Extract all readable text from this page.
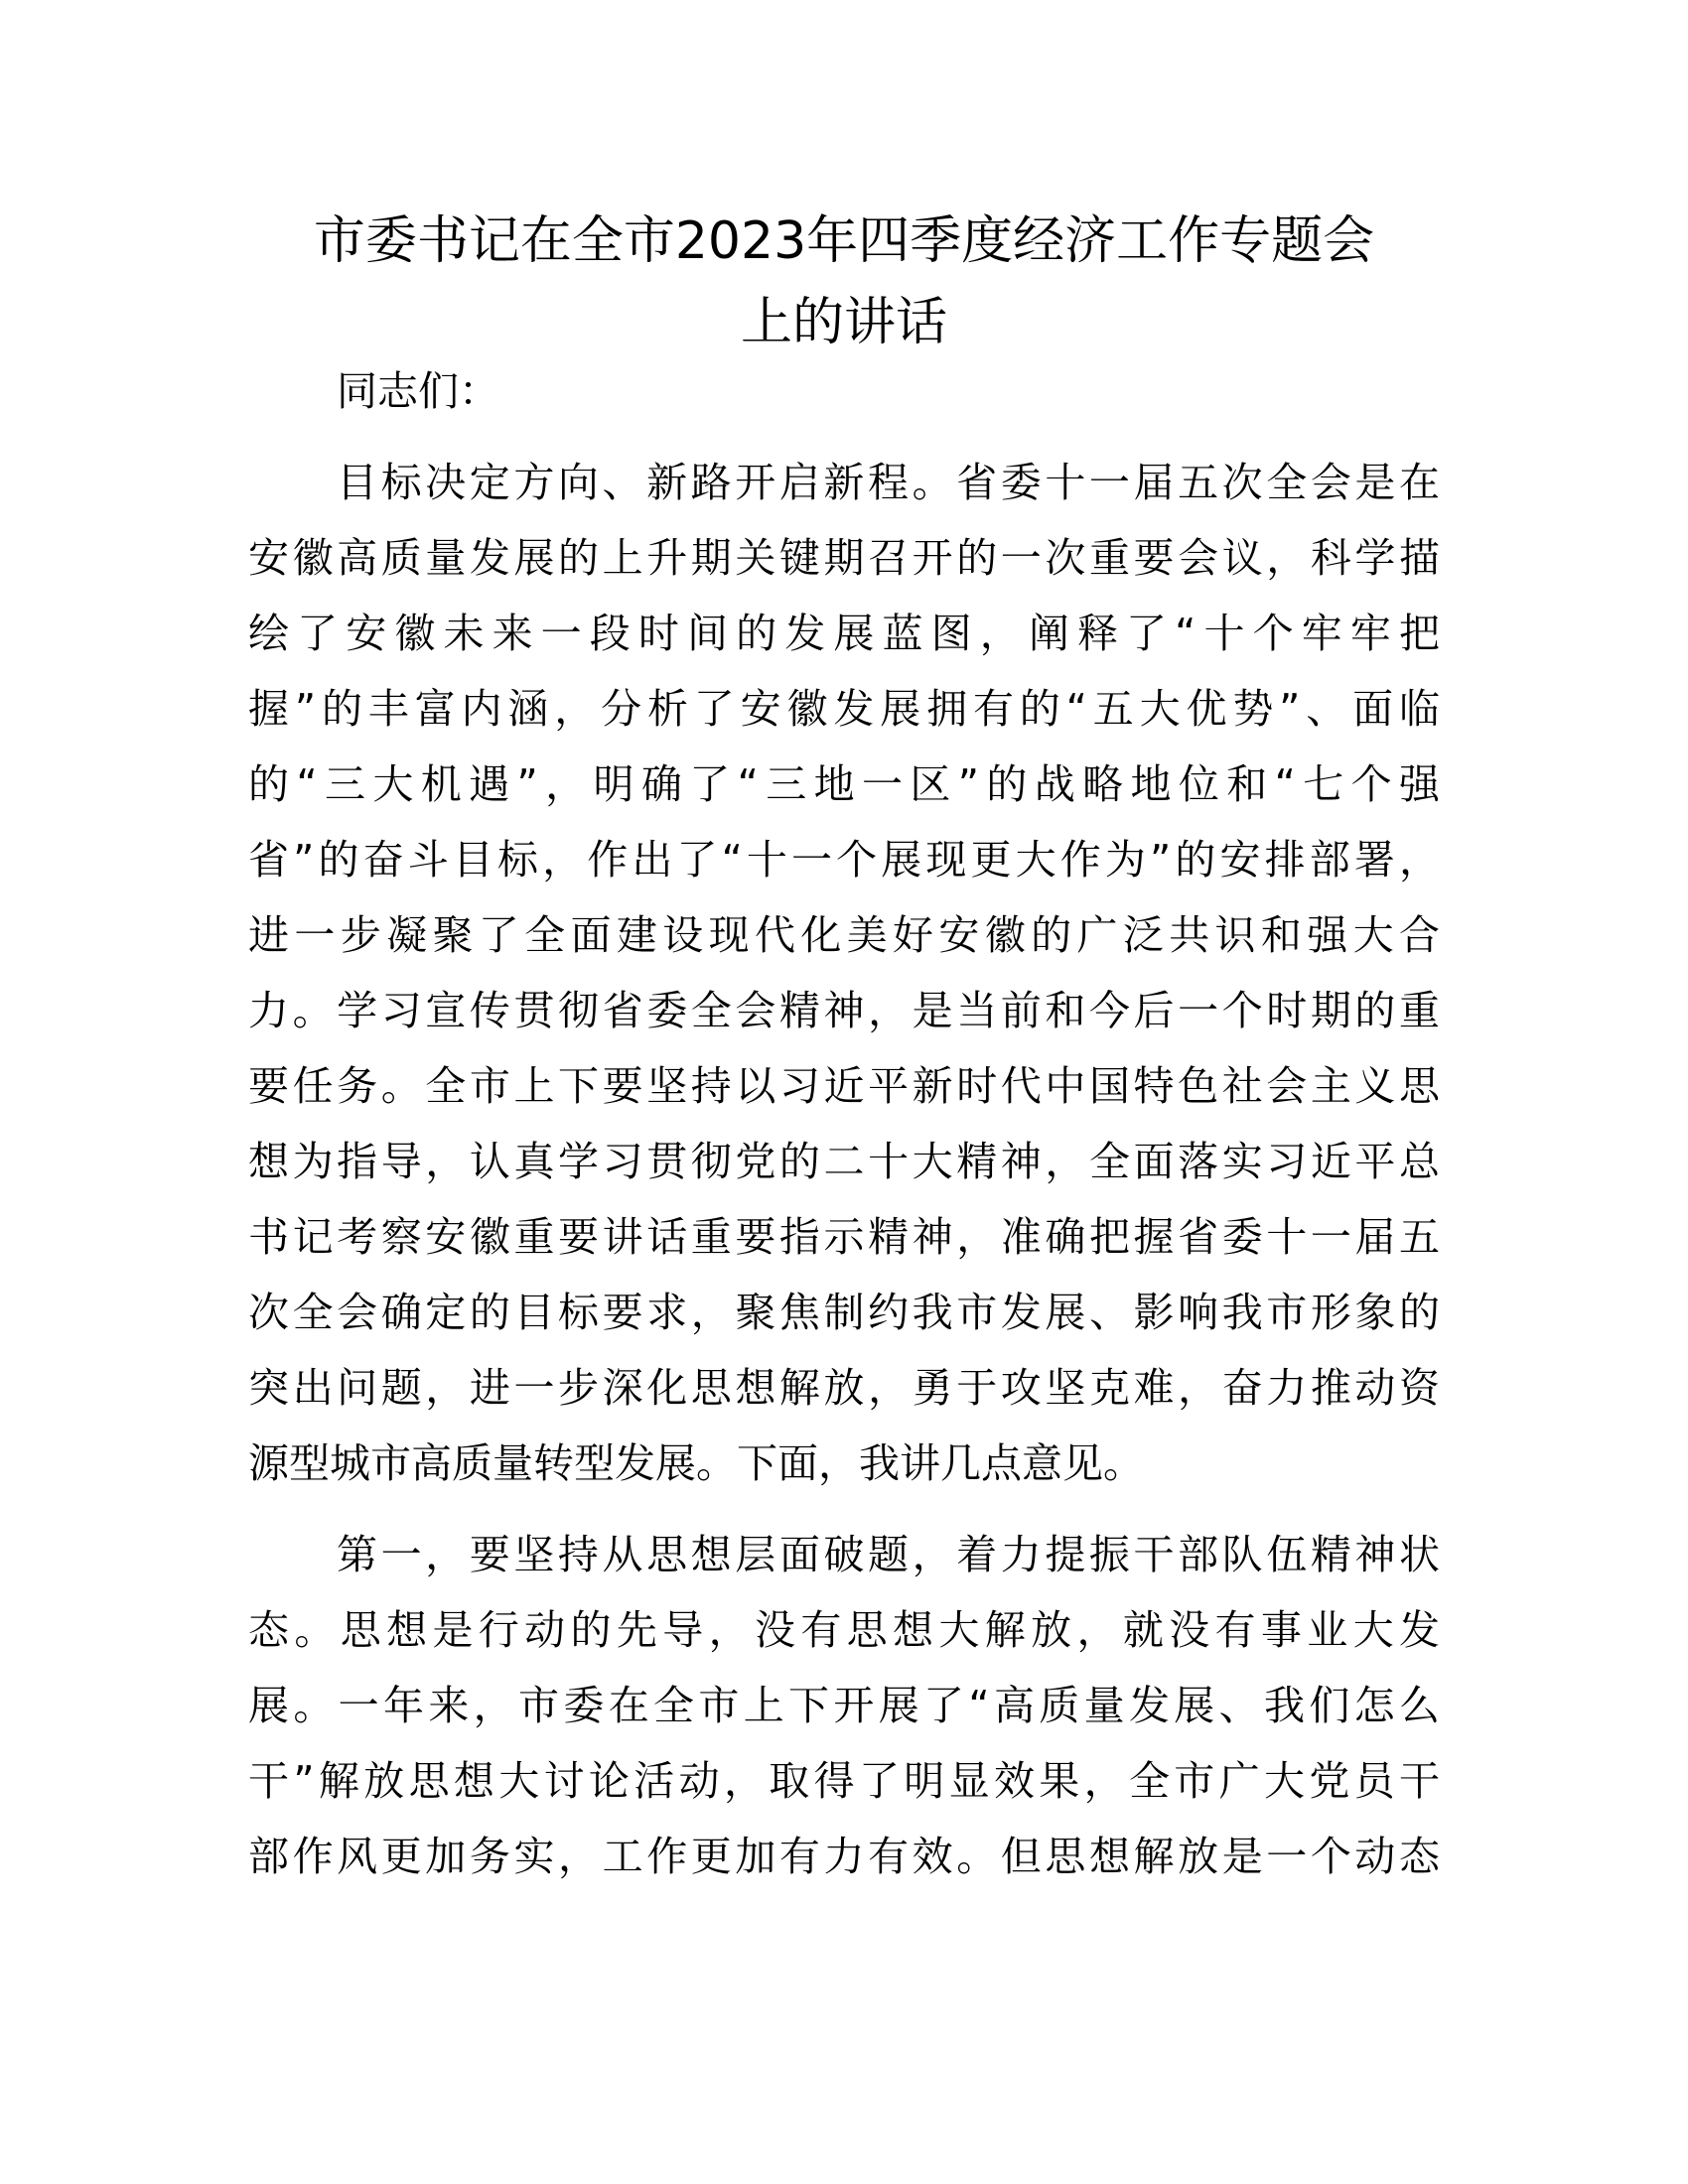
市委书记在全市2023年四季度经济工作专题会
上的讲话
同志们：
目标决定方向、新路开启新程。省委十一届五次全会是在
安徽高质量发展的上升期关键期召开的一次重要会议，科学描
绘了安徽未来一段时间的发展蓝图，阐释了“十个牢牢把
握”的丰富内涵，分析了安徽发展拥有的“五大优势”、面临
的“三大机遇”，明确了“三地一区”的战略地位和“七个强
省”的奋斗目标，作出了“十一个展现更大作为”的安排部署，
进一步凝聚了全面建设现代化美好安徽的广泛共识和强大合
力。学习宣传贯彻省委全会精神，是当前和今后一个时期的重
要任务。全市上下要坚持以习近平新时代中国特色社会主义思
想为指导，认真学习贯彻党的二十大精神，全面落实习近平总
书记考察安徽重要讲话重要指示精神，准确把握省委十一届五
次全会确定的目标要求，聚焦制约我市发展、影响我市形象的
突出问题，进一步深化思想解放，勇于攻坚克难，奋力推动资
源型城市高质量转型发展。下面，我讲几点意见。
第一，要坚持从思想层面破题，着力提振干部队伍精神状
态。思想是行动的先导，没有思想大解放，就没有事业大发
展。一年来，市委在全市上下开展了“高质量发展、我们怎么
干”解放思想大讨论活动，取得了明显效果，全市广大党员干
部作风更加务实，工作更加有力有效。但思想解放是一个动态
